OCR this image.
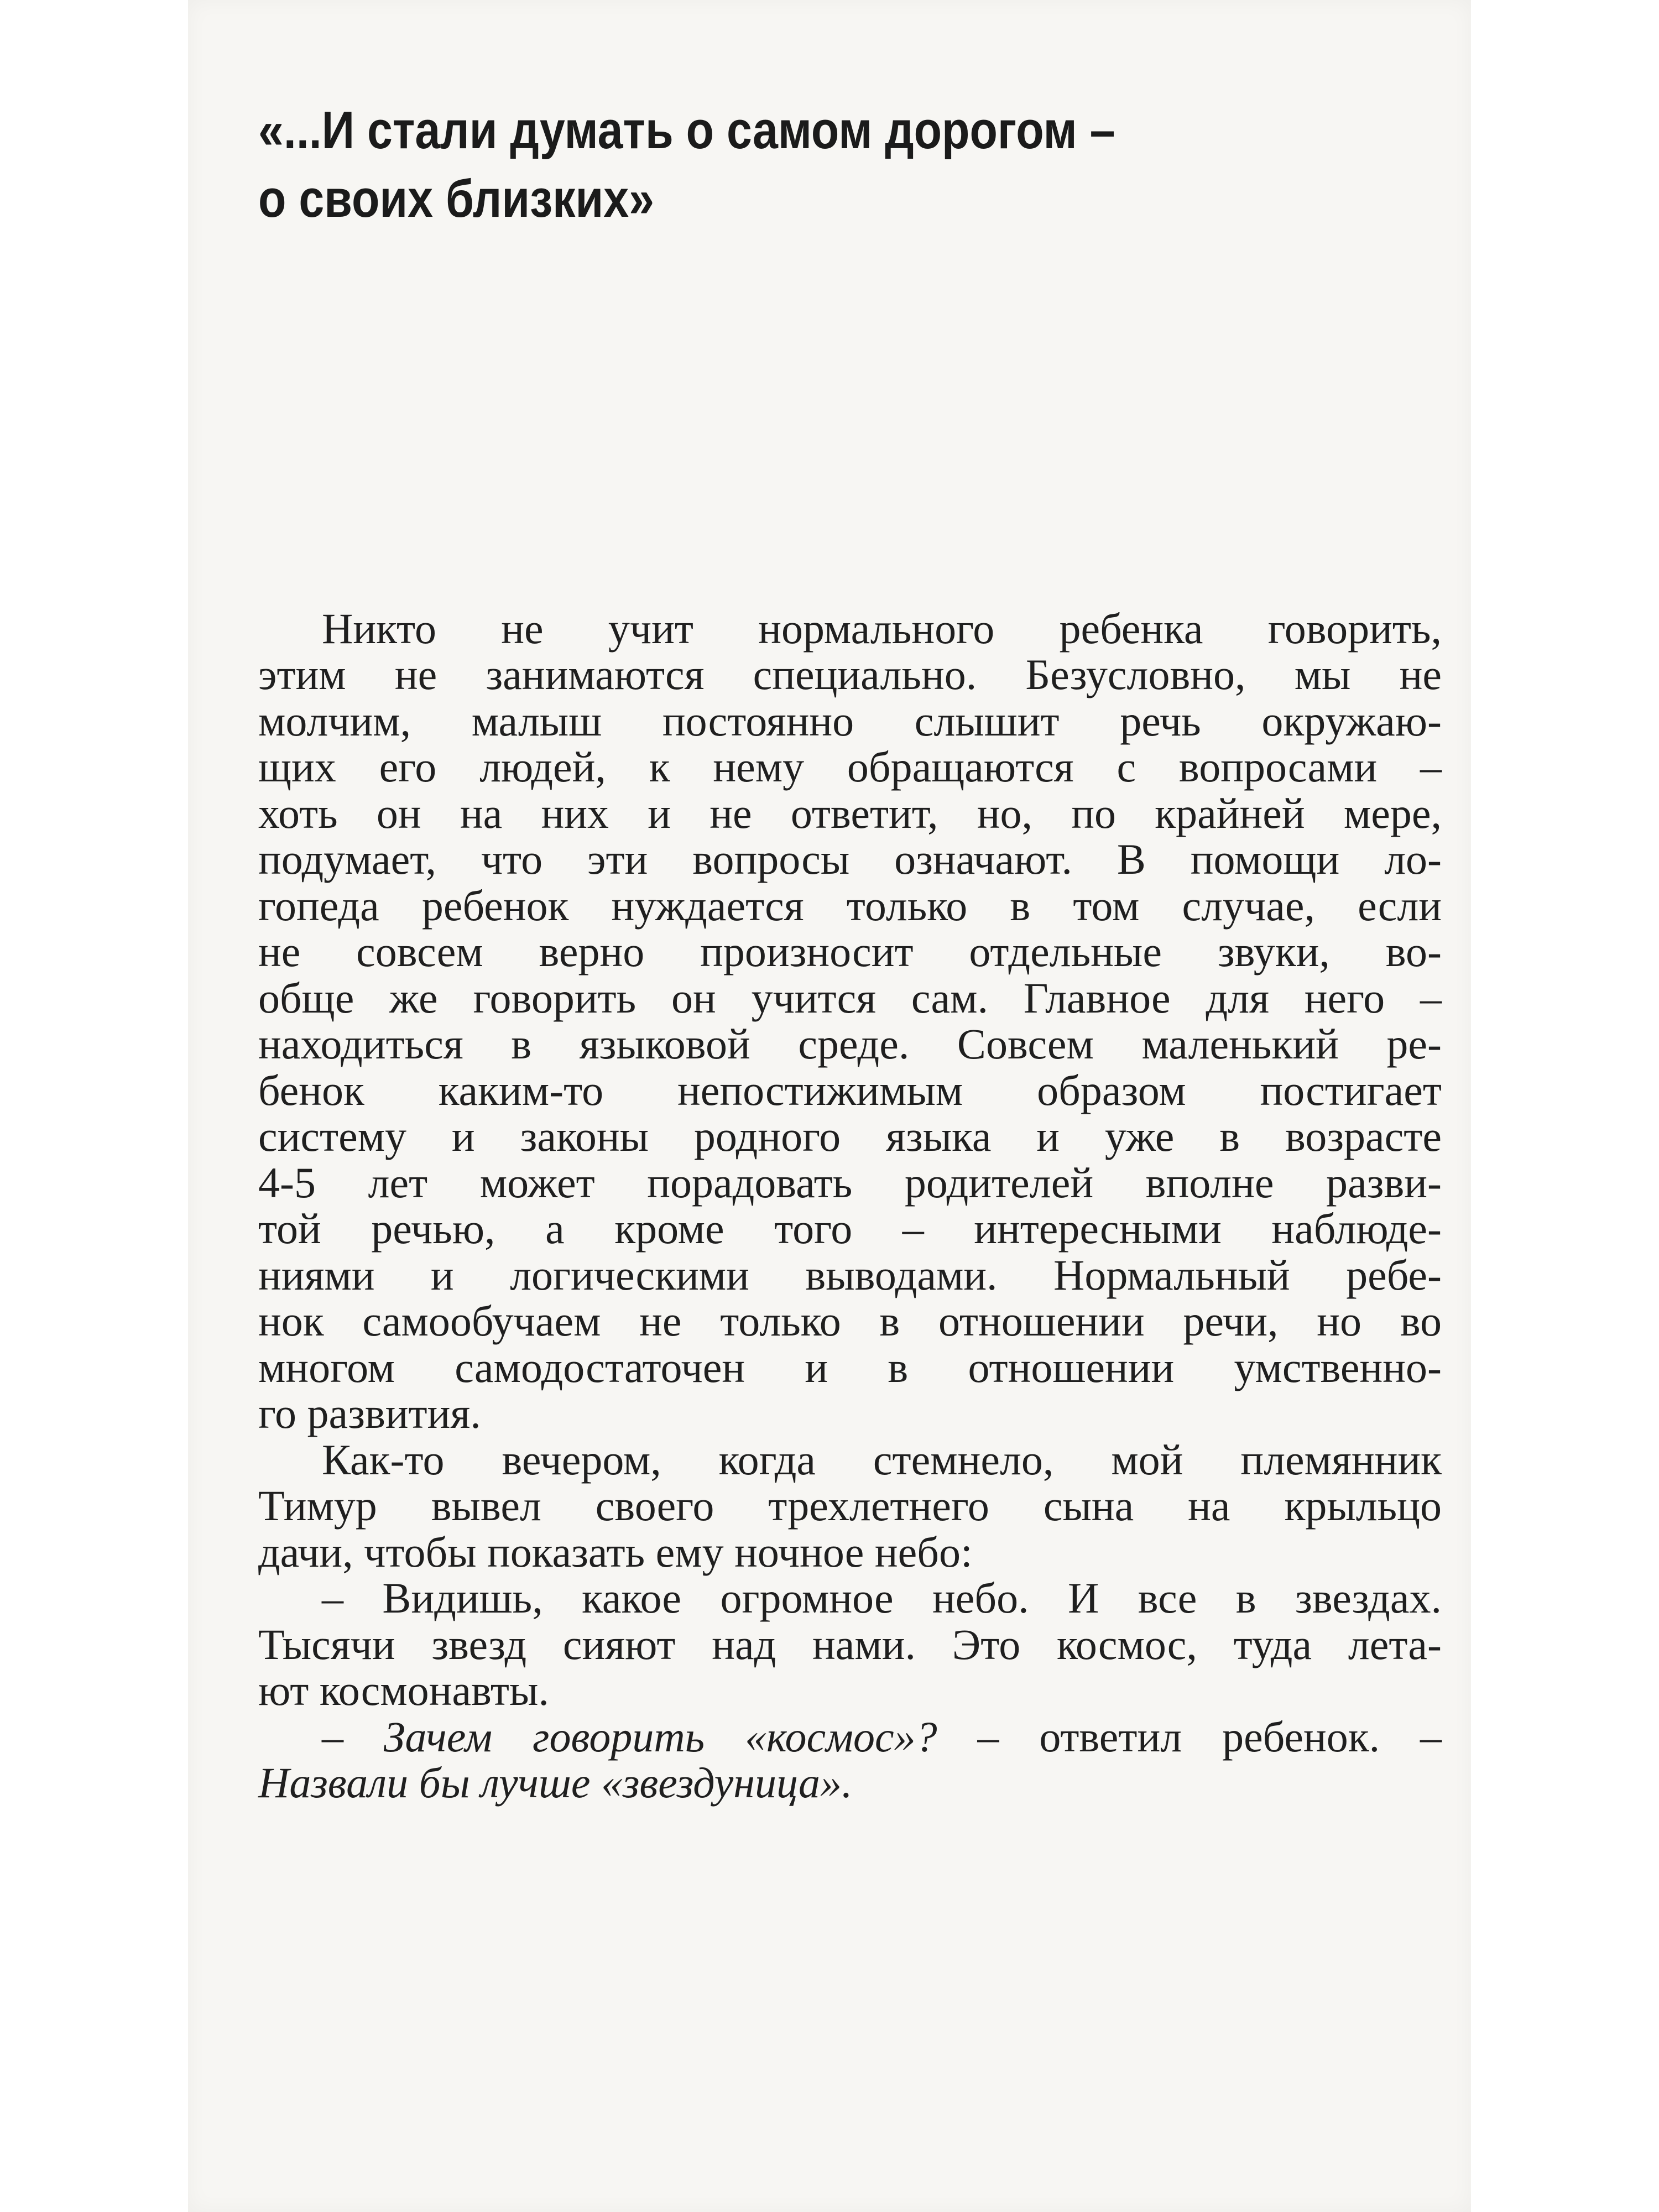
«...И стали думать о самом дорогом –
о своих близких»
Никто не учит нормального ребенка говорить,
этим не занимаются специально. Безусловно, мы не
молчим, малыш постоянно слышит речь окружаю-
щих его людей, к нему обращаются с вопросами –
хоть он на них и не ответит, но, по крайней мере,
подумает, что эти вопросы означают. В помощи ло-
гопеда ребенок нуждается только в том случае, если
не совсем верно произносит отдельные звуки, во-
обще же говорить он учится сам. Главное для него –
находиться в языковой среде. Совсем маленький ре-
бенок каким-то непостижимым образом постигает
систему и законы родного языка и уже в возрасте
4-5 лет может порадовать родителей вполне разви-
той речью, а кроме того – интересными наблюде-
ниями и логическими выводами. Нормальный ребе-
нок самообучаем не только в отношении речи, но во
многом самодостаточен и в отношении умственно-
го развития.
Как-то вечером, когда стемнело, мой племянник
Тимур вывел своего трехлетнего сына на крыльцо
дачи, чтобы показать ему ночное небо:
– Видишь, какое огромное небо. И все в звездах.
Тысячи звезд сияют над нами. Это космос, туда лета-
ют космонавты.
– Зачем говорить «космос»? – ответил ребенок. –
Назвали бы лучше «звездуница».
